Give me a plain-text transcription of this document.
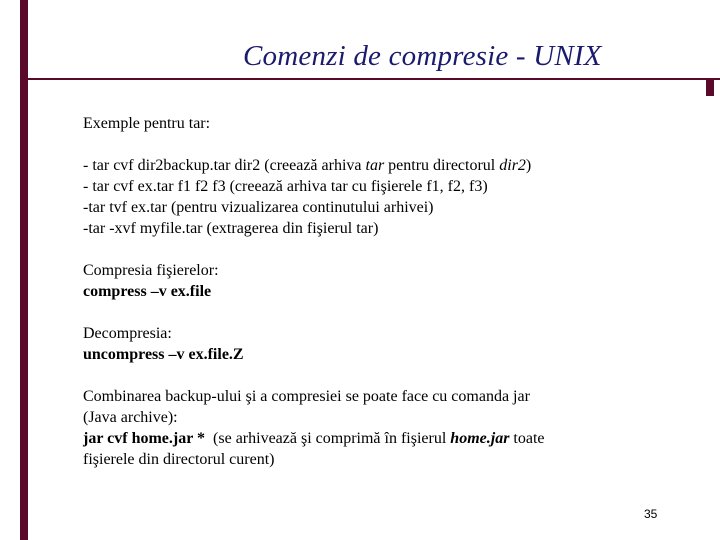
Comenzi de compresie - UNIX
Exemple pentru tar:
- tar cvf dir2backup.tar dir2 (creează arhiva tar pentru directorul dir2)
- tar cvf ex.tar f1 f2 f3 (creează arhiva tar cu fişierele f1, f2, f3)
-tar tvf ex.tar (pentru vizualizarea continutului arhivei)
-tar -xvf myfile.tar (extragerea din fişierul tar)
Compresia fişierelor:
compress –v ex.file
Decompresia:
uncompress –v ex.file.Z
Combinarea backup-ului şi a compresiei se poate face cu comanda jar
(Java archive):
jar cvf home.jar *  (se arhivează şi comprimă în fişierul home.jar toate
fişierele din directorul curent)
35
